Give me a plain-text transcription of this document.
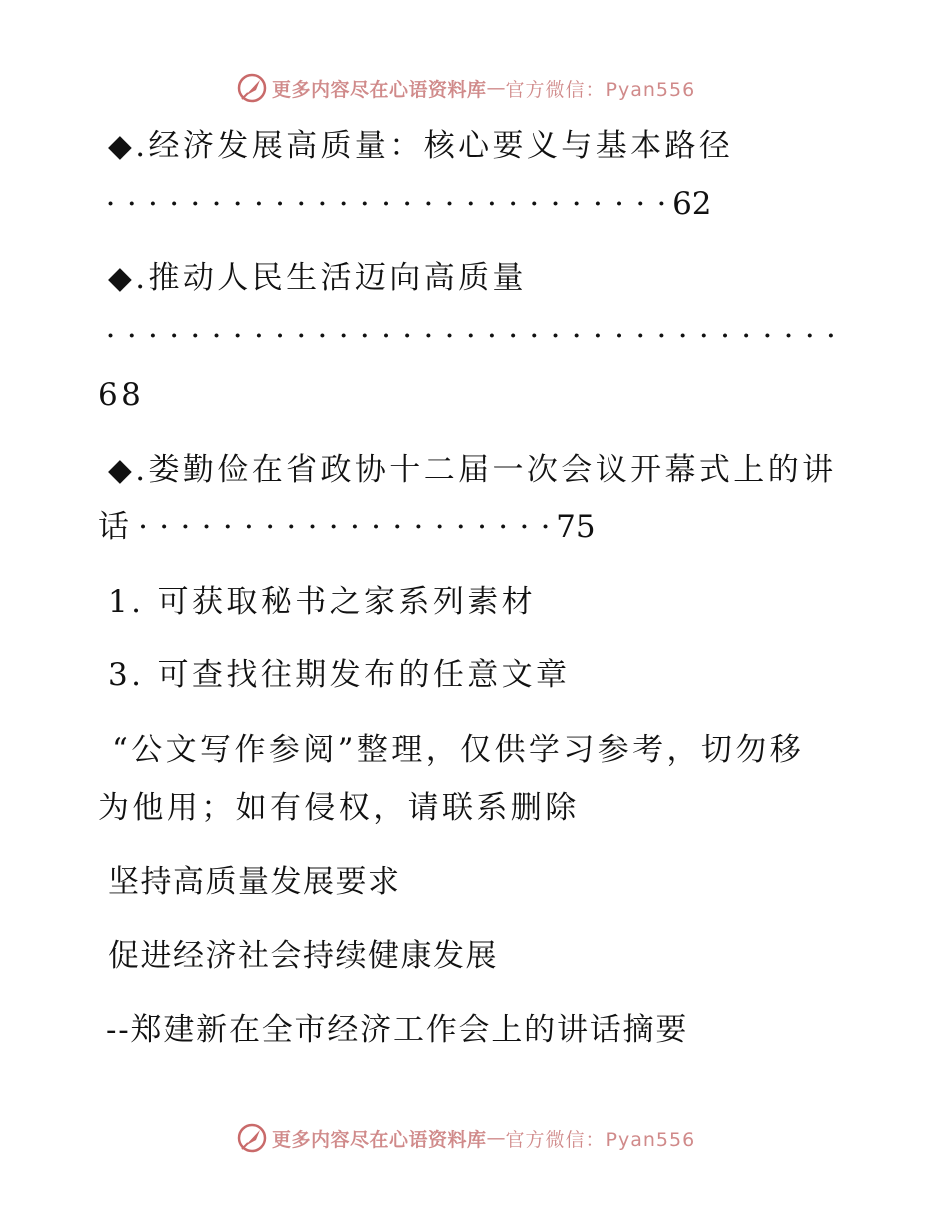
更多内容尽在心语资料库 — 官方微信：Pyan556

◆.经济发展高质量：核心要义与基本路径

· · · · · · · · · · · · · · · · · · · · · · · · · · · 62

◆.推动人民生活迈向高质量

· · · · · · · · · · · · · · · · · · · · · · · · · · · · · · · · · · ·

68

◆.娄勤俭在省政协十二届一次会议开幕式上的讲

话 · · · · · · · · · · · · · · · · · · · · 75

1. 可获取秘书之家系列素材

3. 可查找往期发布的任意文章

“公文写作参阅”整理，仅供学习参考，切勿移

为他用；如有侵权，请联系删除

坚持高质量发展要求

促进经济社会持续健康发展

--郑建新在全市经济工作会上的讲话摘要

更多内容尽在心语资料库 — 官方微信：Pyan556
